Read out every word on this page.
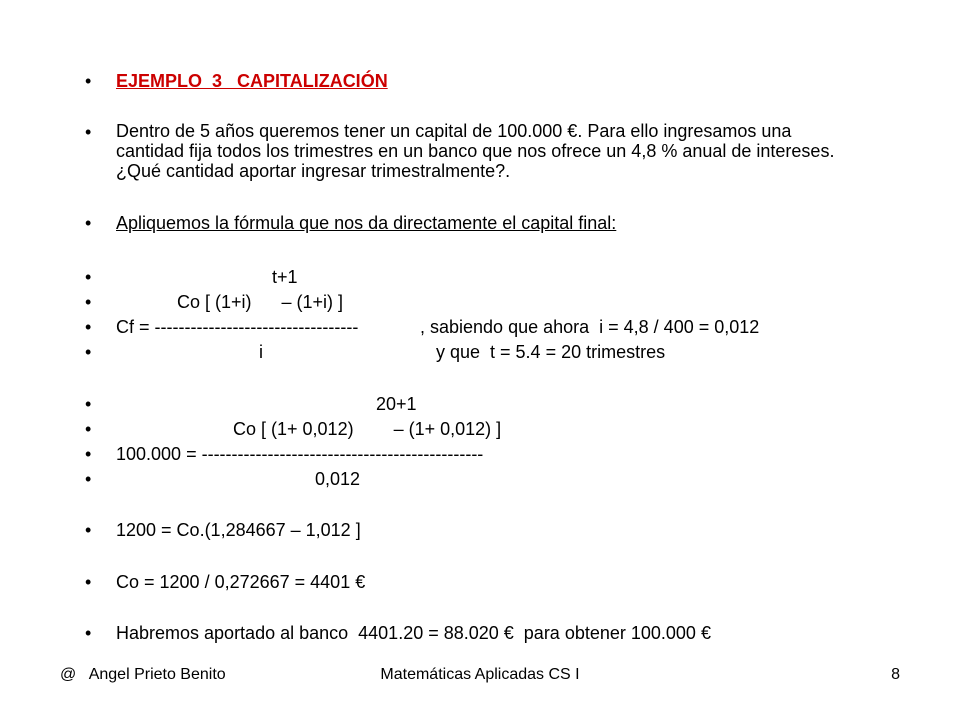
•

EJEMPLO  3   CAPITALIZACIÓN

•

Dentro de 5 años queremos tener un capital de 100.000 €. Para ello ingresamos una cantidad fija todos los trimestres en un banco que nos ofrece un 4,8 % anual de intereses. ¿Qué cantidad aportar ingresar trimestralmente?.

•

Apliquemos la fórmula que nos da directamente el capital final:

•

	t+1

•

	Co [ (1+i)      – (1+i) ]

•

Cf = ----------------------------------

	, sabiendo que ahora  i = 4,8 / 400 = 0,012

•

	i

	y que  t = 5.4 = 20 trimestres

•

	20+1

•

	Co [ (1+ 0,012)        – (1+ 0,012) ]

•

100.000 = -----------------------------------------------

•

	0,012

•

1200 = Co.(1,284667 – 1,012 ]

•

Co = 1200 / 0,272667 = 4401 €

•

Habremos aportado al banco  4401.20 = 88.020 €  para obtener 100.000 €

@   Angel Prieto Benito	Matemáticas Aplicadas CS I	8
